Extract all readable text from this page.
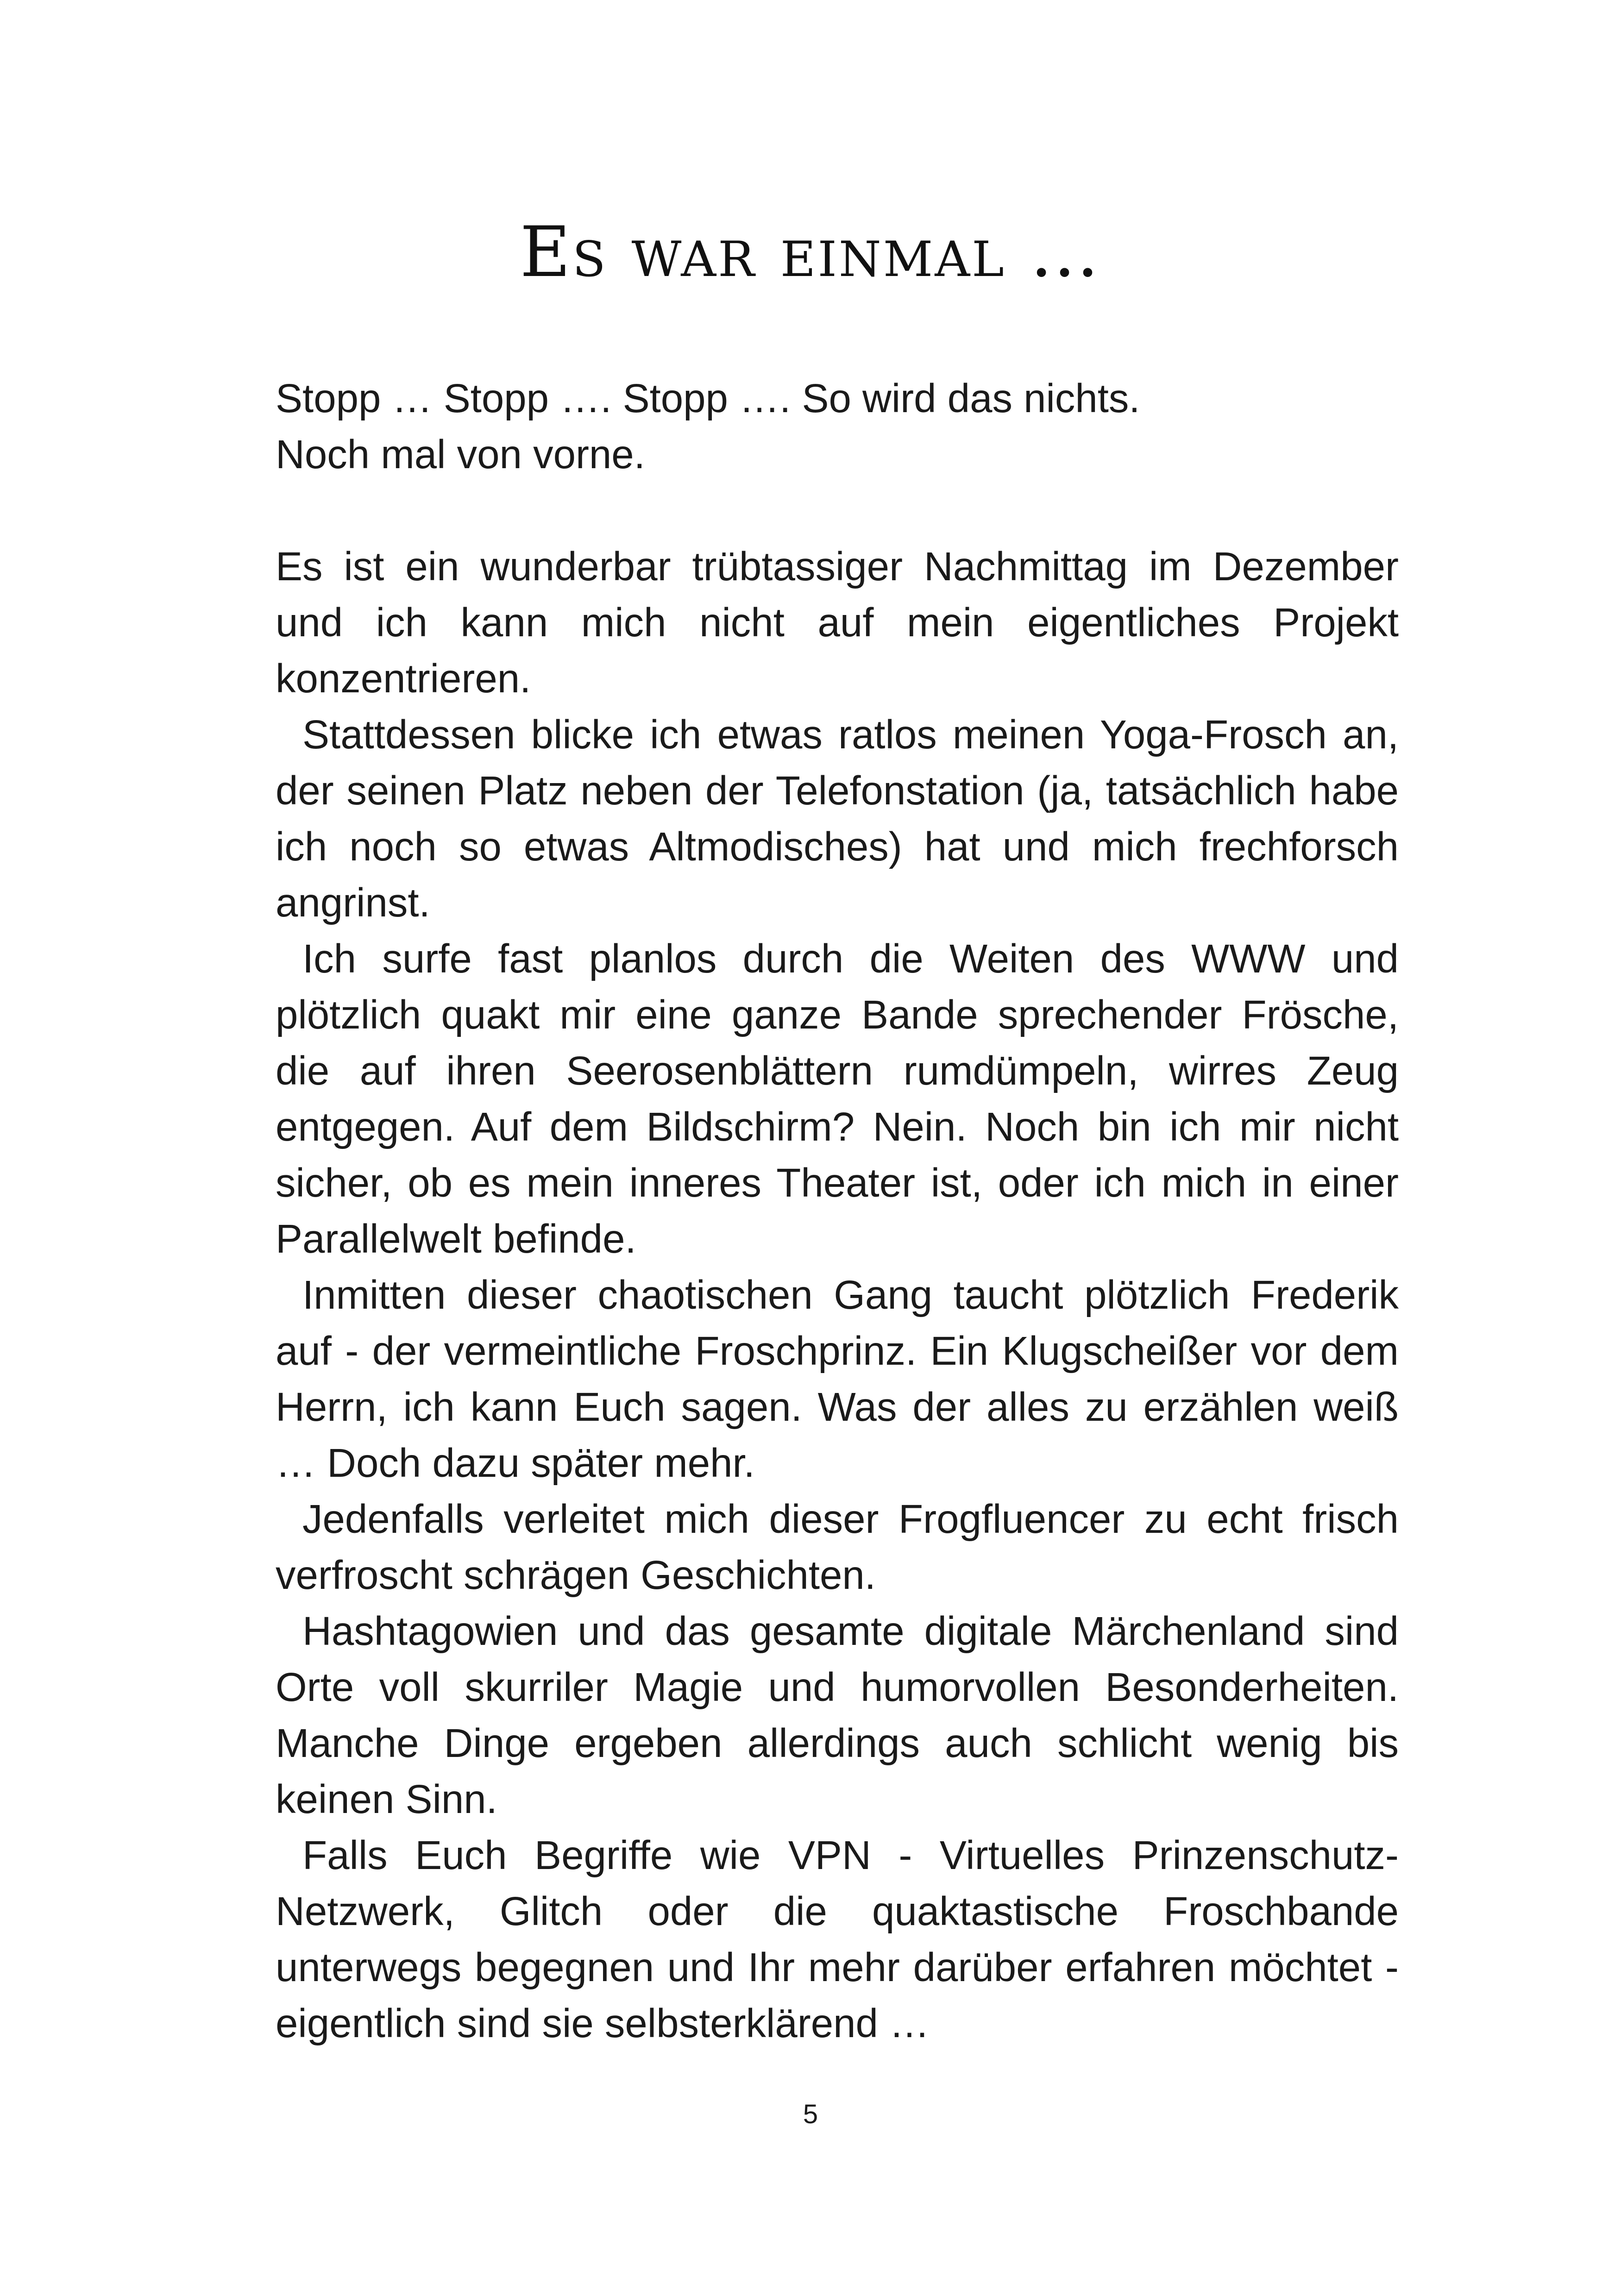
Es war einmal …

Stopp … Stopp …. Stopp …. So wird das nichts.

Noch mal von vorne.

Es ist ein wunderbar trübtassiger Nachmittag im Dezember und ich kann mich nicht auf mein eigentliches Projekt konzentrieren.

Stattdessen blicke ich etwas ratlos meinen Yoga-Frosch an, der seinen Platz neben der Telefonstation (ja, tatsächlich habe ich noch so etwas Altmodisches) hat und mich frechforsch angrinst.

Ich surfe fast planlos durch die Weiten des WWW und plötzlich quakt mir eine ganze Bande sprechender Frösche, die auf ihren Seerosenblättern rumdümpeln, wirres Zeug entgegen. Auf dem Bildschirm? Nein. Noch bin ich mir nicht sicher, ob es mein inneres Theater ist, oder ich mich in einer Parallelwelt befinde.

Inmitten dieser chaotischen Gang taucht plötzlich Frederik auf - der vermeintliche Froschprinz. Ein Klugscheißer vor dem Herrn, ich kann Euch sagen. Was der alles zu erzählen weiß … Doch dazu später mehr.

Jedenfalls verleitet mich dieser Frogfluencer zu echt frisch verfroscht schrägen Geschichten.

Hashtagowien und das gesamte digitale Märchenland sind Orte voll skurriler Magie und humorvollen Besonderheiten. Manche Dinge ergeben allerdings auch schlicht wenig bis keinen Sinn.

Falls Euch Begriffe wie VPN - Virtuelles Prinzenschutz-Netzwerk, Glitch oder die quaktastische Froschbande unterwegs begegnen und Ihr mehr darüber erfahren möchtet - eigentlich sind sie selbsterklärend …

5
